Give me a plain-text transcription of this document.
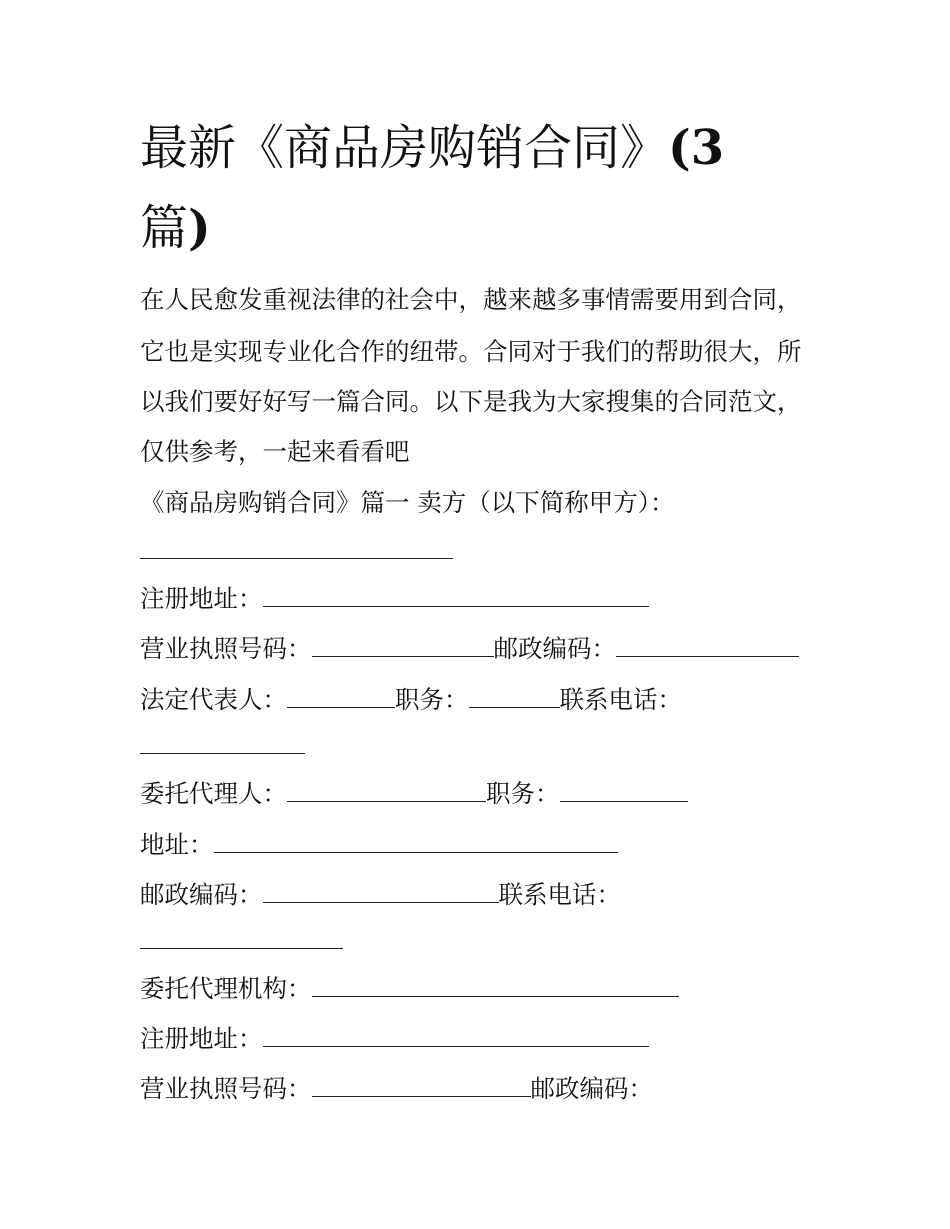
最新《商品房购销合同》(3
篇)
在人民愈发重视法律的社会中，越来越多事情需要用到合同，
它也是实现专业化合作的纽带。合同对于我们的帮助很大，所
以我们要好好写一篇合同。以下是我为大家搜集的合同范文，
仅供参考，一起来看看吧
《商品房购销合同》篇一 卖方（以下简称甲方）：
注册地址：
营业执照号码：	邮政编码：
法定代表人：	职务：	联系电话：
委托代理人：	职务：
地址：
邮政编码：	联系电话：
委托代理机构：
注册地址：
营业执照号码：	邮政编码：
